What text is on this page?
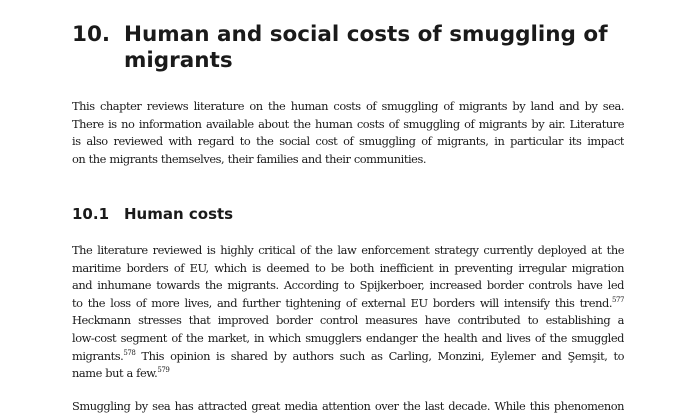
10. Human and social costs of smuggling of migrants

This chapter reviews literature on the human costs of smuggling of migrants by land and by sea.
There is no information available about the human costs of smuggling of migrants by air. Literature
is also reviewed with regard to the social cost of smuggling of migrants, in particular its impact
on the migrants themselves, their families and their communities.

10.1 Human costs

The literature reviewed is highly critical of the law enforcement strategy currently deployed at the
maritime borders of EU, which is deemed to be both inefficient in preventing irregular migration
and inhumane towards the migrants. According to Spijkerboer, increased border controls have led
to the loss of more lives, and further tightening of external EU borders will intensify this trend.$^{577}$
Heckmann stresses that improved border control measures have contributed to establishing a
low-cost segment of the market, in which smugglers endanger the health and lives of the smuggled
migrants.$^{578}$ This opinion is shared by authors such as Carling, Monzini, Eylemer and Şemşit, to
name but a few.$^{579}$

Smuggling by sea has attracted great media attention over the last decade. While this phenomenon
